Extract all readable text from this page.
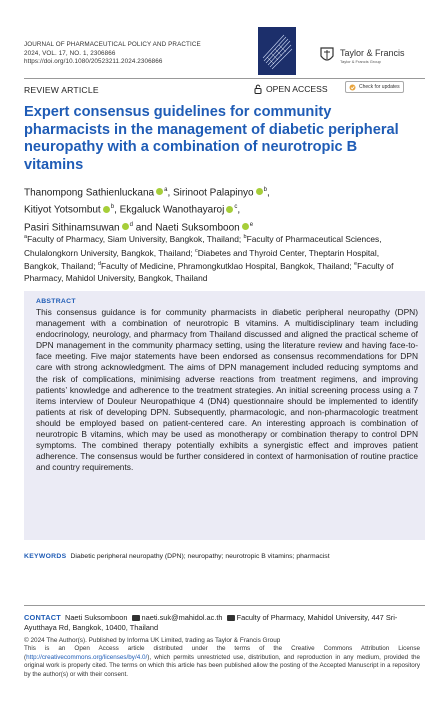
JOURNAL OF PHARMACEUTICAL POLICY AND PRACTICE
2024, VOL. 17, NO. 1, 2306866
https://doi.org/10.1080/20523211.2024.2306866
Taylor & Francis
Taylor & Francis Group
REVIEW ARTICLE	OPEN ACCESS	Check for updates
Expert consensus guidelines for community pharmacists in the management of diabetic peripheral neuropathy with a combination of neurotropic B vitamins
Thanompong Sathienluckana $^a$, Sirinoot Palapinyo $^b$,
Kitiyot Yotsombut $^b$, Ekgaluck Wanothayaroj $^c$,
Pasiri Sithinamsuwan $^d$ and Naeti Suksomboon $^e$
$^a$Faculty of Pharmacy, Siam University, Bangkok, Thailand; $^b$Faculty of Pharmaceutical Sciences, Chulalongkorn University, Bangkok, Thailand; $^c$Diabetes and Thyroid Center, Theptarin Hospital, Bangkok, Thailand; $^d$Faculty of Medicine, Phramongkutklao Hospital, Bangkok, Thailand; $^e$Faculty of Pharmacy, Mahidol University, Bangkok, Thailand
ABSTRACT
This consensus guidance is for community pharmacists in diabetic peripheral neuropathy (DPN) management with a combination of neurotropic B vitamins. A multidisciplinary team including endocrinology, neurology, and pharmacy from Thailand discussed and aligned the practical scheme of DPN management in the community pharmacy setting, using the literature review and having face-to-face meeting. Five major statements have been endorsed as consensus recommendations for DPN care with strong acknowledgment. The aims of DPN management included reducing symptoms and the risk of complications, minimising adverse reactions from treatment regimens, and improving patients’ knowledge and adherence to the treatment strategies. An initial screening process using a 7 items interview of Douleur Neuropathique 4 (DN4) questionnaire should be implemented to identify patients at risk of developing DPN. Subsequently, pharmacologic, and non-pharmacologic treatment should be employed based on patient-centered care. An interesting approach is combination of neurotropic B vitamins, which may be used as monotherapy or combination therapy to control DPN symptoms. The combined therapy potentially exhibits a synergistic effect and improves patient adherence. The consensus would be further considered in context of harmonisation of routine practice and country requirements.
KEYWORDS Diabetic peripheral neuropathy (DPN); neuropathy; neurotropic B vitamins; pharmacist
CONTACT Naeti Suksomboon naeti.suk@mahidol.ac.th Faculty of Pharmacy, Mahidol University, 447 Sri-Ayutthaya Rd, Bangkok, 10400, Thailand
© 2024 The Author(s). Published by Informa UK Limited, trading as Taylor & Francis Group
This is an Open Access article distributed under the terms of the Creative Commons Attribution License (http://creativecommons.org/licenses/by/4.0/), which permits unrestricted use, distribution, and reproduction in any medium, provided the original work is properly cited. The terms on which this article has been published allow the posting of the Accepted Manuscript in a repository by the author(s) or with their consent.
